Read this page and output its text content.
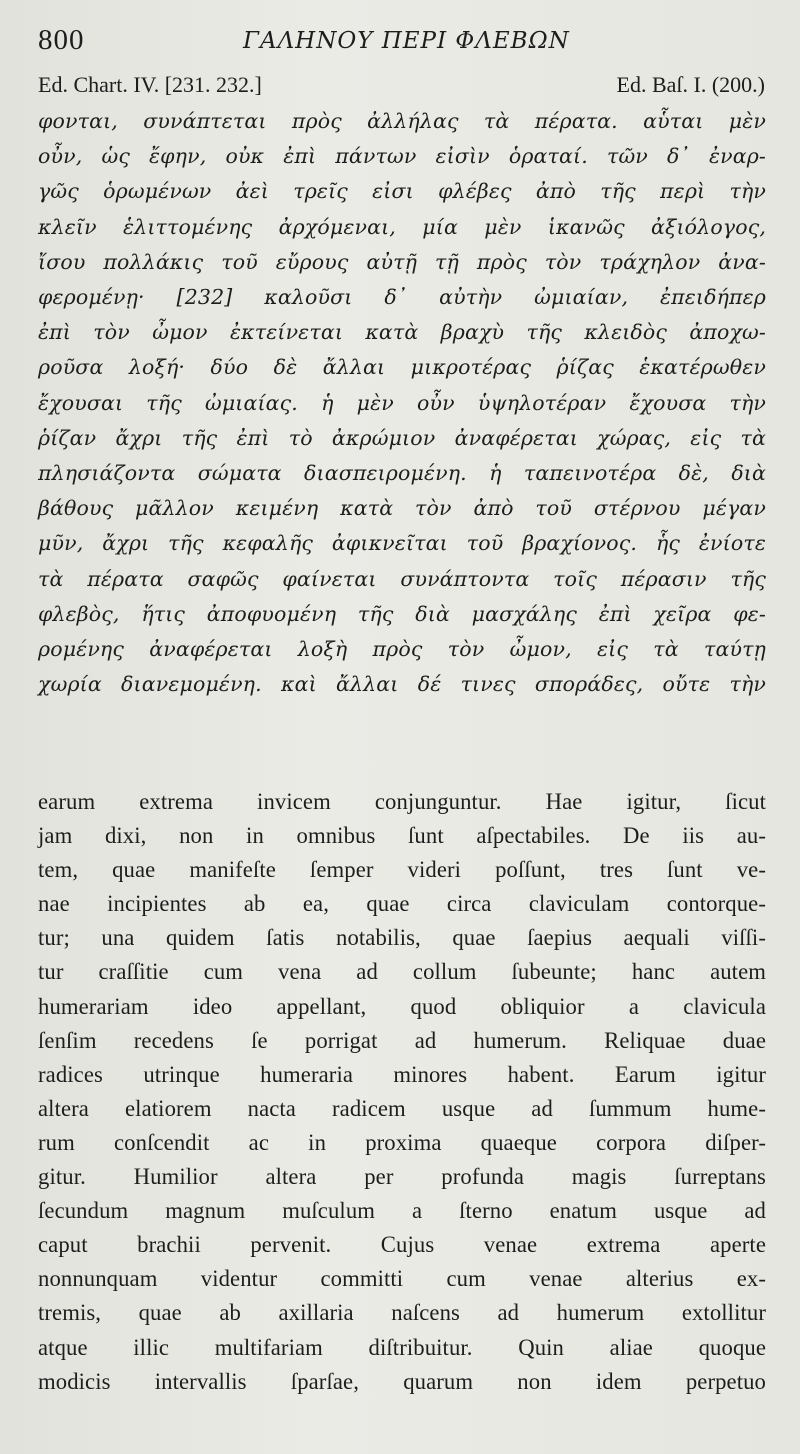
800	ΓΑΛΗΝΟΥ ΠΕΡΙ ΦΛΕΒΩΝ
Ed. Chart. IV. [231. 232.]	Ed. Baſ. I. (200.)

φονται, συνάπτεται πρὸς ἀλλήλας τὰ πέρατα. αὗται μὲν
οὖν, ὡς ἔφην, οὐκ ἐπὶ πάντων εἰσὶν ὁραταί. τῶν δ᾽ ἐναρ-
γῶς ὁρωμένων ἀεὶ τρεῖς εἰσι φλέβες ἀπὸ τῆς περὶ τὴν
κλεῖν ἑλιττομένης ἀρχόμεναι, μία μὲν ἱκανῶς ἀξιόλογος,
ἴσου πολλάκις τοῦ εὔρους αὐτῇ τῇ πρὸς τὸν τράχηλον ἀνα-
φερομένῃ· [232] καλοῦσι δ᾽ αὐτὴν ὠμιαίαν, ἐπειδήπερ
ἐπὶ τὸν ὦμον ἐκτείνεται κατὰ βραχὺ τῆς κλειδὸς ἀποχω-
ροῦσα λοξή· δύο δὲ ἄλλαι μικροτέρας ῥίζας ἑκατέρωθεν
ἔχουσαι τῆς ὠμιαίας. ἡ μὲν οὖν ὑψηλοτέραν ἔχουσα τὴν
ῥίζαν ἄχρι τῆς ἐπὶ τὸ ἀκρώμιον ἀναφέρεται χώρας, εἰς τὰ
πλησιάζοντα σώματα διασπειρομένη. ἡ ταπεινοτέρα δὲ, διὰ
βάθους μᾶλλον κειμένη κατὰ τὸν ἀπὸ τοῦ στέρνου μέγαν
μῦν, ἄχρι τῆς κεφαλῆς ἀφικνεῖται τοῦ βραχίονος. ἧς ἐνίοτε
τὰ πέρατα σαφῶς φαίνεται συνάπτοντα τοῖς πέρασιν τῆς
φλεβὸς, ἥτις ἀποφυομένη τῆς διὰ μασχάλης ἐπὶ χεῖρα φε-
ρομένης ἀναφέρεται λοξὴ πρὸς τὸν ὦμον, εἰς τὰ ταύτῃ
χωρία διανεμομένη. καὶ ἄλλαι δέ τινες σποράδες, οὔτε τὴν

earum extrema invicem conjunguntur. Hae igitur, ſicut
jam dixi, non in omnibus ſunt aſpectabiles. De iis au-
tem, quae manifeſte ſemper videri poſſunt, tres ſunt ve-
nae incipientes ab ea, quae circa claviculam contorque-
tur; una quidem ſatis notabilis, quae ſaepius aequali viſſi-
tur craſſitie cum vena ad collum ſubeunte; hanc autem
humerariam ideo appellant, quod obliquior a clavicula
ſenſim recedens ſe porrigat ad humerum. Reliquae duae
radices utrinque humeraria minores habent. Earum igitur
altera elatiorem nacta radicem usque ad ſummum hume-
rum conſcendit ac in proxima quaeque corpora diſper-
gitur. Humilior altera per profunda magis ſurreptans
ſecundum magnum muſculum a ſterno enatum usque ad
caput brachii pervenit. Cujus venae extrema aperte
nonnunquam videntur committi cum venae alterius ex-
tremis, quae ab axillaria naſcens ad humerum extollitur
atque illic multifariam diſtribuitur. Quin aliae quoque
modicis intervallis ſparſae, quarum non idem perpetuo
